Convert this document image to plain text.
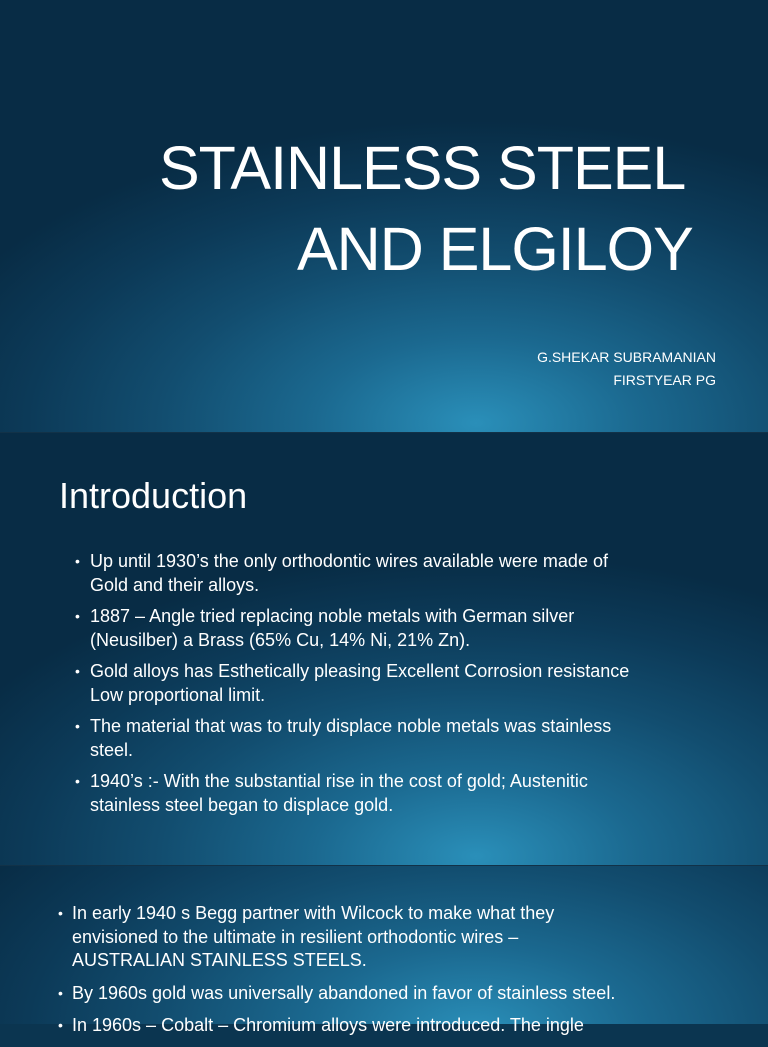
STAINLESS STEEL
AND ELGILOY
G.SHEKAR SUBRAMANIAN
FIRSTYEAR PG
Introduction
• Up until 1930’s the only orthodontic wires available were made of
Gold and their alloys.
• 1887 – Angle tried replacing noble metals with German silver
(Neusilber) a Brass (65% Cu, 14% Ni, 21% Zn).
• Gold alloys has Esthetically pleasing Excellent Corrosion resistance
Low proportional limit.
• The material that was to truly displace noble metals was stainless
steel.
• 1940’s :- With the substantial rise in the cost of gold; Austenitic
stainless steel began to displace gold.
• In early 1940 s Begg partner with Wilcock to make what they
envisioned to the ultimate in resilient orthodontic wires –
AUSTRALIAN STAINLESS STEELS.
• By 1960s gold was universally abandoned in favor of stainless steel.
• In 1960s – Cobalt – Chromium alloys were introduced. The ingle
